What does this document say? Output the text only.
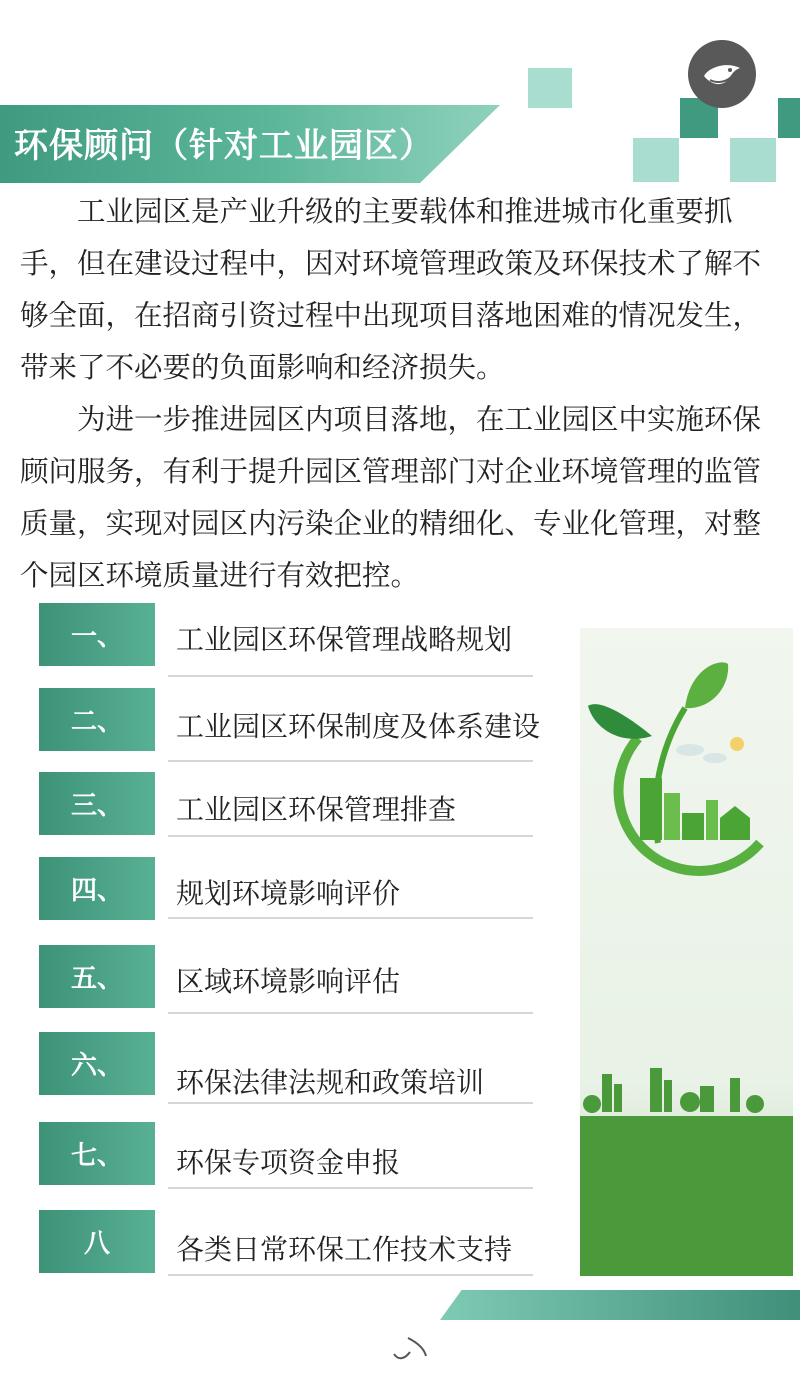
环保顾问（针对工业园区）

工业园区是产业升级的主要载体和推进城市化重要抓手，但在建设过程中，因对环境管理政策及环保技术了解不够全面，在招商引资过程中出现项目落地困难的情况发生，带来了不必要的负面影响和经济损失。

为进一步推进园区内项目落地，在工业园区中实施环保顾问服务，有利于提升园区管理部门对企业环境管理的监管质量，实现对园区内污染企业的精细化、专业化管理，对整个园区环境质量进行有效把控。

一、	工业园区环保管理战略规划
二、	工业园区环保制度及体系建设
三、	工业园区环保管理排查
四、	规划环境影响评价
五、	区域环境影响评估
六、	环保法律法规和政策培训
七、	环保专项资金申报
八	各类日常环保工作技术支持
